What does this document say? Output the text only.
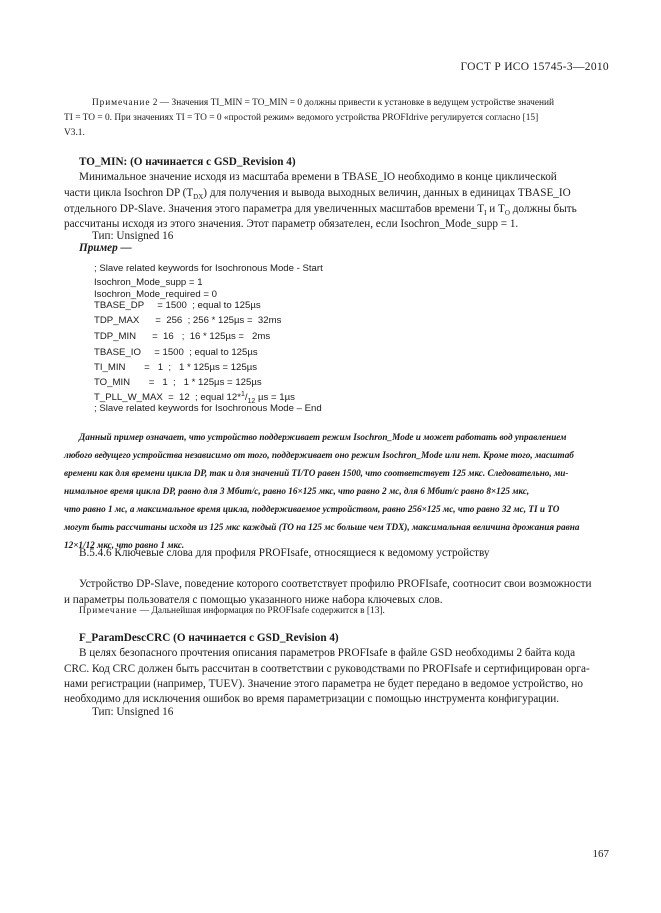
ГОСТ Р ИСО 15745-3—2010
Примечание 2 — Значения TI_MIN = TO_MIN = 0 должны привести к установке в ведущем устройстве значений
TI = TO = 0. При значениях TI = TO = 0 «простой режим» ведомого устройства PROFIdrive регулируется согласно [15]
V3.1.
TO_MIN: (О начинается с GSD_Revision 4)
Минимальное значение исходя из масштаба времени в TBASE_IO необходимо в конце циклической
части цикла Isochron DP $(T_{DX})$ для получения и вывода выходных величин, данных в единицах TBASE_IO
отдельного DP-Slave. Значения этого параметра для увеличенных масштабов времени $T_I$ и $T_O$ должны быть
рассчитаны исходя из этого значения. Этот параметр обязателен, если Isochron_Mode_supp = 1.
Тип: Unsigned 16
Пример —
; Slave related keywords for Isochronous Mode - Start
Isochron_Mode_supp = 1
Isochron_Mode_required = 0
TBASE_DP     = 1500  ; equal to 125µs
TDP_MAX      =  256  ; 256 * 125µs =  32ms
TDP_MIN      =  16   ;  16 * 125µs =   2ms
TBASE_IO     = 1500  ; equal to 125µs
TI_MIN       =   1  ;   1 * 125µs = 125µs
TO_MIN       =   1  ;   1 * 125µs = 125µs
T_PLL_W_MAX  =  12  ; equal $12*^1/_{12}$ µs = 1µs
; Slave related keywords for Isochronous Mode – End
Данный пример означает, что устройство поддерживает режим Isochron_Mode и может работать вод управлением
любого ведущего устройства независимо от того, поддерживает оно режим Isochron_Mode или нет. Кроме того, масштаб
времени как для времени цикла DP, так и для значений TI/TO равен 1500, что соответствует 125 мкс. Следовательно, ми-
нимальное время цикла DP, равно для 3 Мбит/с, равно 16×125 мкс, что равно 2 мс, для 6 Мбит/с равно 8×125 мкс,
что равно 1 мс, а максимальное время цикла, поддерживаемое устройством, равно 256×125 мс, что равно 32 мс, TI и TO
могут быть рассчитаны исходя из 125 мкс каждый (TO на 125 мс больше чем TDX), максимальная величина дрожания равна
12×1/12 мкс, что равно 1 мкс.
В.5.4.6 Ключевые слова для профиля PROFIsafe, относящиеся к ведомому устройству
Устройство DP-Slave, поведение которого соответствует профилю PROFIsafe, соотносит свои возможности
и параметры пользователя с помощью указанного ниже набора ключевых слов.
Примечание — Дальнейшая информация по PROFIsafe содержится в [13].
F_ParamDescCRC (O начинается с GSD_Revision 4)
В целях безопасного прочтения описания параметров PROFIsafe в файле GSD необходимы 2 байта кода
CRC. Код CRC должен быть рассчитан в соответствии с руководствами по PROFIsafe и сертифицирован орга-
нами регистрации (например, TUEV). Значение этого параметра не будет передано в ведомое устройство, но
необходимо для исключения ошибок во время параметризации с помощью инструмента конфигурации.
Тип: Unsigned 16
167
